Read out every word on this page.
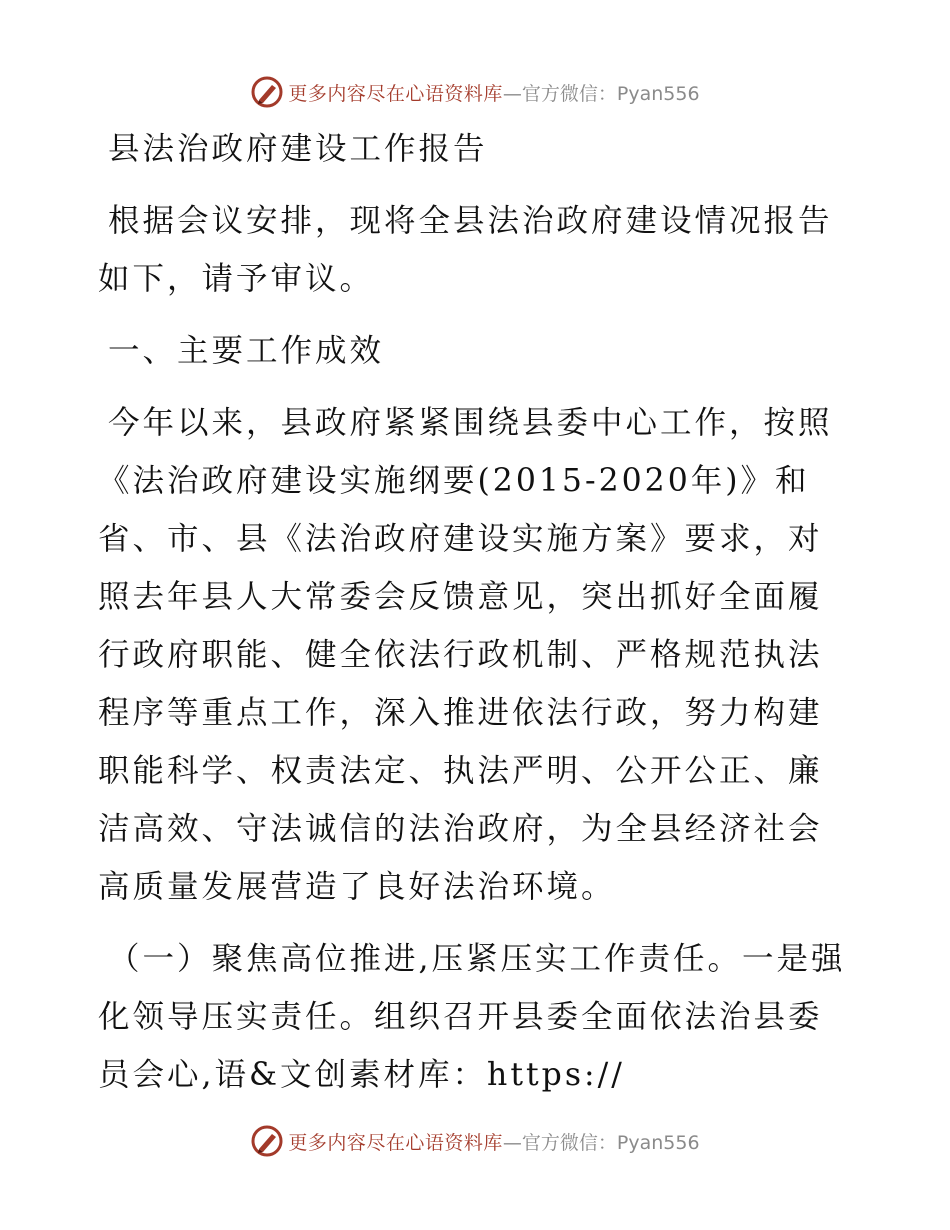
更多内容尽在心语资料库 —官方微信：Pyan556

县法治政府建设工作报告

根据会议安排，现将全县法治政府建设情况报告如下，请予审议。

一、主要工作成效

今年以来，县政府紧紧围绕县委中心工作，按照《法治政府建设实施纲要(2015-2020年)》和省、市、县《法治政府建设实施方案》要求，对照去年县人大常委会反馈意见，突出抓好全面履行政府职能、健全依法行政机制、严格规范执法程序等重点工作，深入推进依法行政，努力构建职能科学、权责法定、执法严明、公开公正、廉洁高效、守法诚信的法治政府，为全县经济社会高质量发展营造了良好法治环境。

（一）聚焦高位推进,压紧压实工作责任。一是强化领导压实责任。组织召开县委全面依法治县委员会心,语&文创素材库：https://

更多内容尽在心语资料库 —官方微信：Pyan556
